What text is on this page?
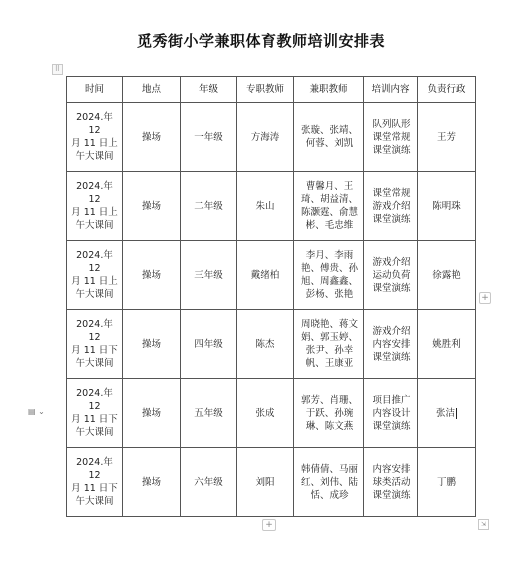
觅秀街小学兼职体育教师培训安排表
⠿
时间	地点	年级	专职教师	兼职教师	培训内容	负责行政
2024.年 12
月 11 日上
午大课间	操场	一年级	方海涛	张璇、张靖、何蓉、刘凯	队列队形
课堂常规
课堂演练	王芳
2024.年 12
月 11 日上
午大课间	操场	二年级	朱山	曹馨月、王琦、胡益清、陈灏霆、俞慧彬、毛忠维	课堂常规
游戏介绍
课堂演练	陈明珠
2024.年 12
月 11 日上
午大课间	操场	三年级	戴绪柏	李月、李雨艳、傅贵、孙旭、周鑫鑫、彭杨、张艳	游戏介绍
运动负荷
课堂演练	徐露艳
2024.年 12
月 11 日下
午大课间	操场	四年级	陈杰	周晓艳、蒋文娟、郭玉婷、张尹、孙幸帆、王康亚	游戏介绍
内容安排
课堂演练	姚胜利
2024.年 12
月 11 日下
午大课间	操场	五年级	张成	郭芳、肖珊、于跃、孙琬琳、陈文燕	项目推广
内容设计
课堂演练	张洁
2024.年 12
月 11 日下
午大课间	操场	六年级	刘阳	韩倩倩、马丽红、刘伟、陆恬、成珍	内容安排
球类活动
课堂演练	丁鹏
▤ ⌄
+
+	⇲
